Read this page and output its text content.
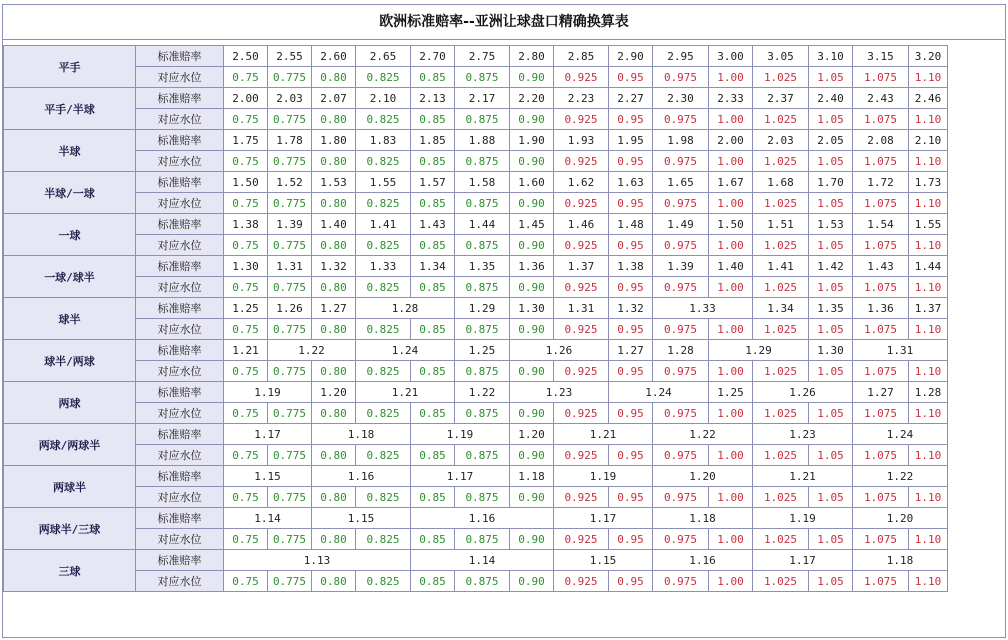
欧洲标准赔率--亚洲让球盘口精确换算表
平手	标准赔率	2.50	2.55	2.60	2.65	2.70	2.75	2.80	2.85	2.90	2.95	3.00	3.05	3.10	3.15	3.20
	对应水位	0.75	0.775	0.80	0.825	0.85	0.875	0.90	0.925	0.95	0.975	1.00	1.025	1.05	1.075	1.10
平手/半球	标准赔率	2.00	2.03	2.07	2.10	2.13	2.17	2.20	2.23	2.27	2.30	2.33	2.37	2.40	2.43	2.46
	对应水位	0.75	0.775	0.80	0.825	0.85	0.875	0.90	0.925	0.95	0.975	1.00	1.025	1.05	1.075	1.10
半球	标准赔率	1.75	1.78	1.80	1.83	1.85	1.88	1.90	1.93	1.95	1.98	2.00	2.03	2.05	2.08	2.10
	对应水位	0.75	0.775	0.80	0.825	0.85	0.875	0.90	0.925	0.95	0.975	1.00	1.025	1.05	1.075	1.10
半球/一球	标准赔率	1.50	1.52	1.53	1.55	1.57	1.58	1.60	1.62	1.63	1.65	1.67	1.68	1.70	1.72	1.73
	对应水位	0.75	0.775	0.80	0.825	0.85	0.875	0.90	0.925	0.95	0.975	1.00	1.025	1.05	1.075	1.10
一球	标准赔率	1.38	1.39	1.40	1.41	1.43	1.44	1.45	1.46	1.48	1.49	1.50	1.51	1.53	1.54	1.55
	对应水位	0.75	0.775	0.80	0.825	0.85	0.875	0.90	0.925	0.95	0.975	1.00	1.025	1.05	1.075	1.10
一球/球半	标准赔率	1.30	1.31	1.32	1.33	1.34	1.35	1.36	1.37	1.38	1.39	1.40	1.41	1.42	1.43	1.44
	对应水位	0.75	0.775	0.80	0.825	0.85	0.875	0.90	0.925	0.95	0.975	1.00	1.025	1.05	1.075	1.10
球半	标准赔率	1.25	1.26	1.27	1.28		1.29	1.30	1.31	1.32	1.33		1.34	1.35	1.36	1.37
	对应水位	0.75	0.775	0.80	0.825	0.85	0.875	0.90	0.925	0.95	0.975	1.00	1.025	1.05	1.075	1.10
球半/两球	标准赔率	1.21	1.22		1.24		1.25	1.26		1.27	1.28	1.29		1.30	1.31	
	对应水位	0.75	0.775	0.80	0.825	0.85	0.875	0.90	0.925	0.95	0.975	1.00	1.025	1.05	1.075	1.10
两球	标准赔率	1.19		1.20	1.21		1.22	1.23		1.24		1.25	1.26		1.27	1.28
	对应水位	0.75	0.775	0.80	0.825	0.85	0.875	0.90	0.925	0.95	0.975	1.00	1.025	1.05	1.075	1.10
两球/两球半	标准赔率	1.17		1.18		1.19		1.20	1.21		1.22		1.23		1.24	
	对应水位	0.75	0.775	0.80	0.825	0.85	0.875	0.90	0.925	0.95	0.975	1.00	1.025	1.05	1.075	1.10
两球半	标准赔率	1.15		1.16		1.17		1.18	1.19		1.20		1.21		1.22	
	对应水位	0.75	0.775	0.80	0.825	0.85	0.875	0.90	0.925	0.95	0.975	1.00	1.025	1.05	1.075	1.10
两球半/三球	标准赔率	1.14		1.15		1.16			1.17		1.18		1.19		1.20	
	对应水位	0.75	0.775	0.80	0.825	0.85	0.875	0.90	0.925	0.95	0.975	1.00	1.025	1.05	1.075	1.10
三球	标准赔率	1.13				1.14			1.15		1.16		1.17		1.18	
	对应水位	0.75	0.775	0.80	0.825	0.85	0.875	0.90	0.925	0.95	0.975	1.00	1.025	1.05	1.075	1.10
